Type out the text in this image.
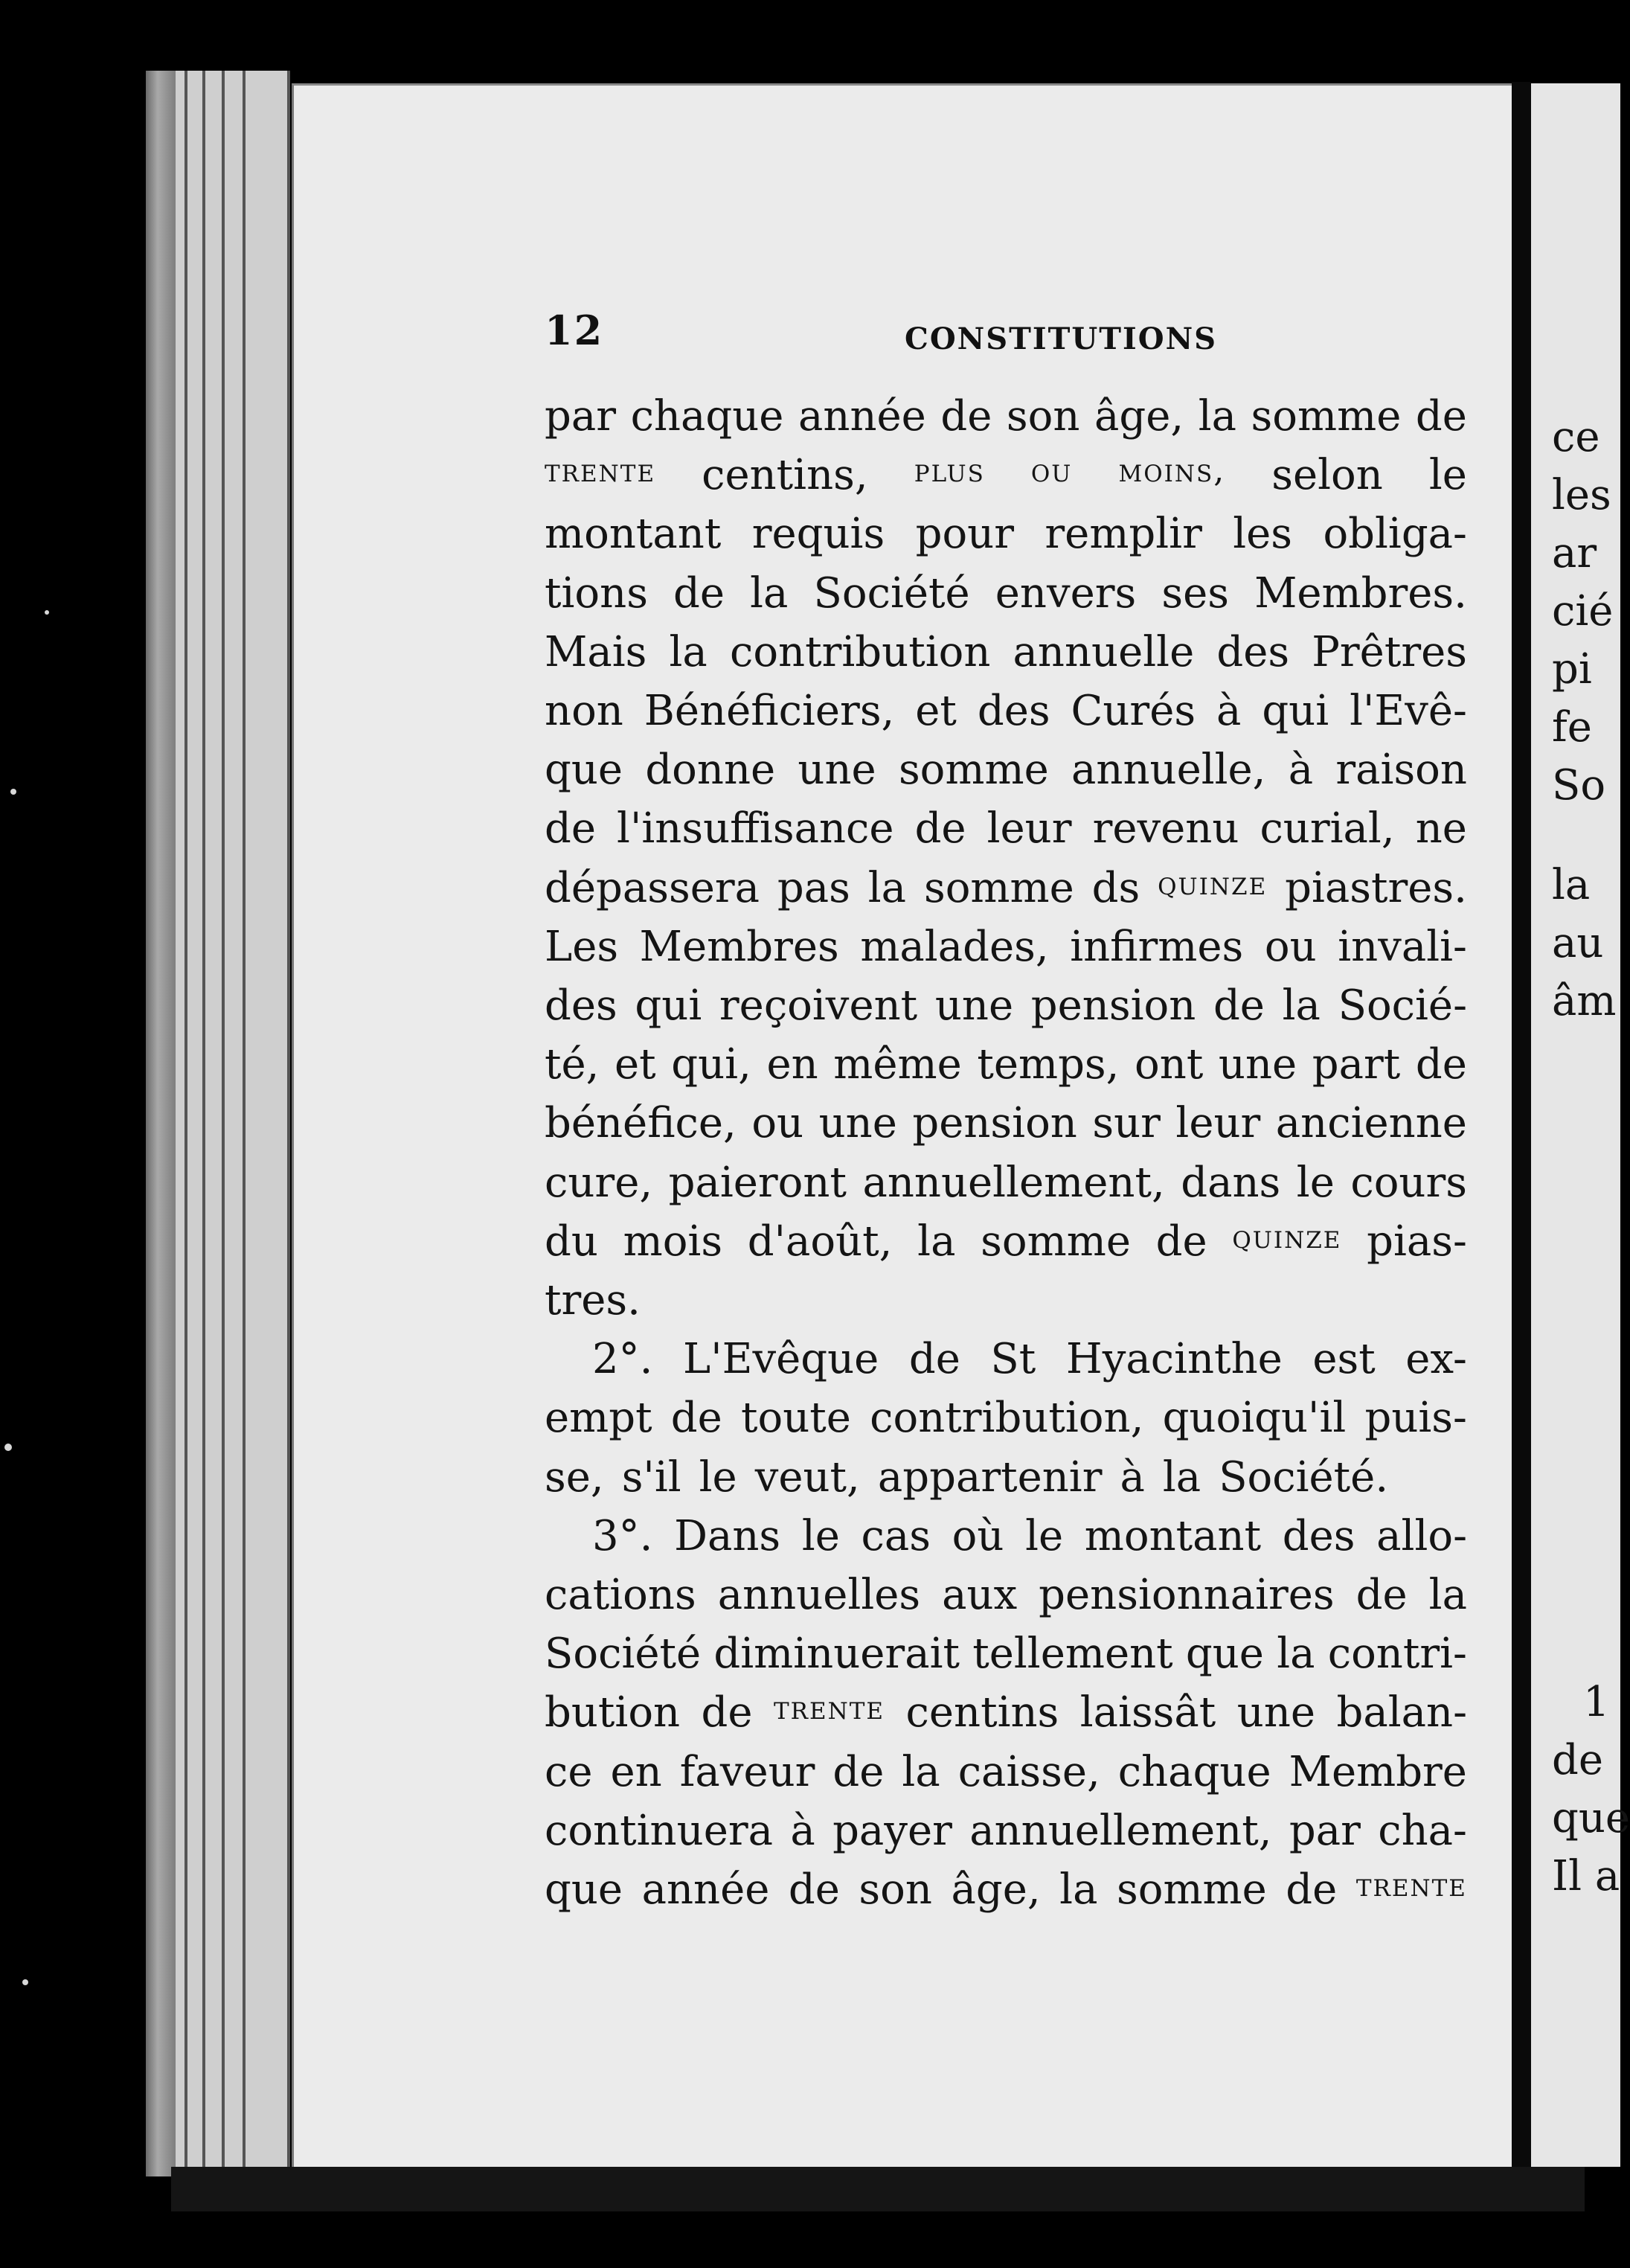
12	CONSTITUTIONS
par chaque année de son âge, la somme de
trente centins, plus ou moins, selon le
montant requis pour remplir les obliga-
tions de la Société envers ses Membres.
Mais la contribution annuelle des Prêtres
non Bénéficiers, et des Curés à qui l'Evê-
que donne une somme annuelle, à raison
de l'insuffisance de leur revenu curial, ne
dépassera pas la somme ds quinze piastres.
Les Membres malades, infirmes ou invali-
des qui reçoivent une pension de la Socié-
té, et qui, en même temps, ont une part de
bénéfice, ou une pension sur leur ancienne
cure, paieront annuellement, dans le cours
du mois d'août, la somme de quinze pias-
tres.
2°. L'Evêque de St Hyacinthe est ex-
empt de toute contribution, quoiqu'il puis-
se, s'il le veut, appartenir à la Société.
3°. Dans le cas où le montant des allo-
cations annuelles aux pensionnaires de la
Société diminuerait tellement que la contri-
bution de trente centins laissât une balan-
ce en faveur de la caisse, chaque Membre
continuera à payer annuellement, par cha-
que année de son âge, la somme de trente
ce
les
ar
cié
pi
fe
So
la
au
âm
1
de
que
Il a
